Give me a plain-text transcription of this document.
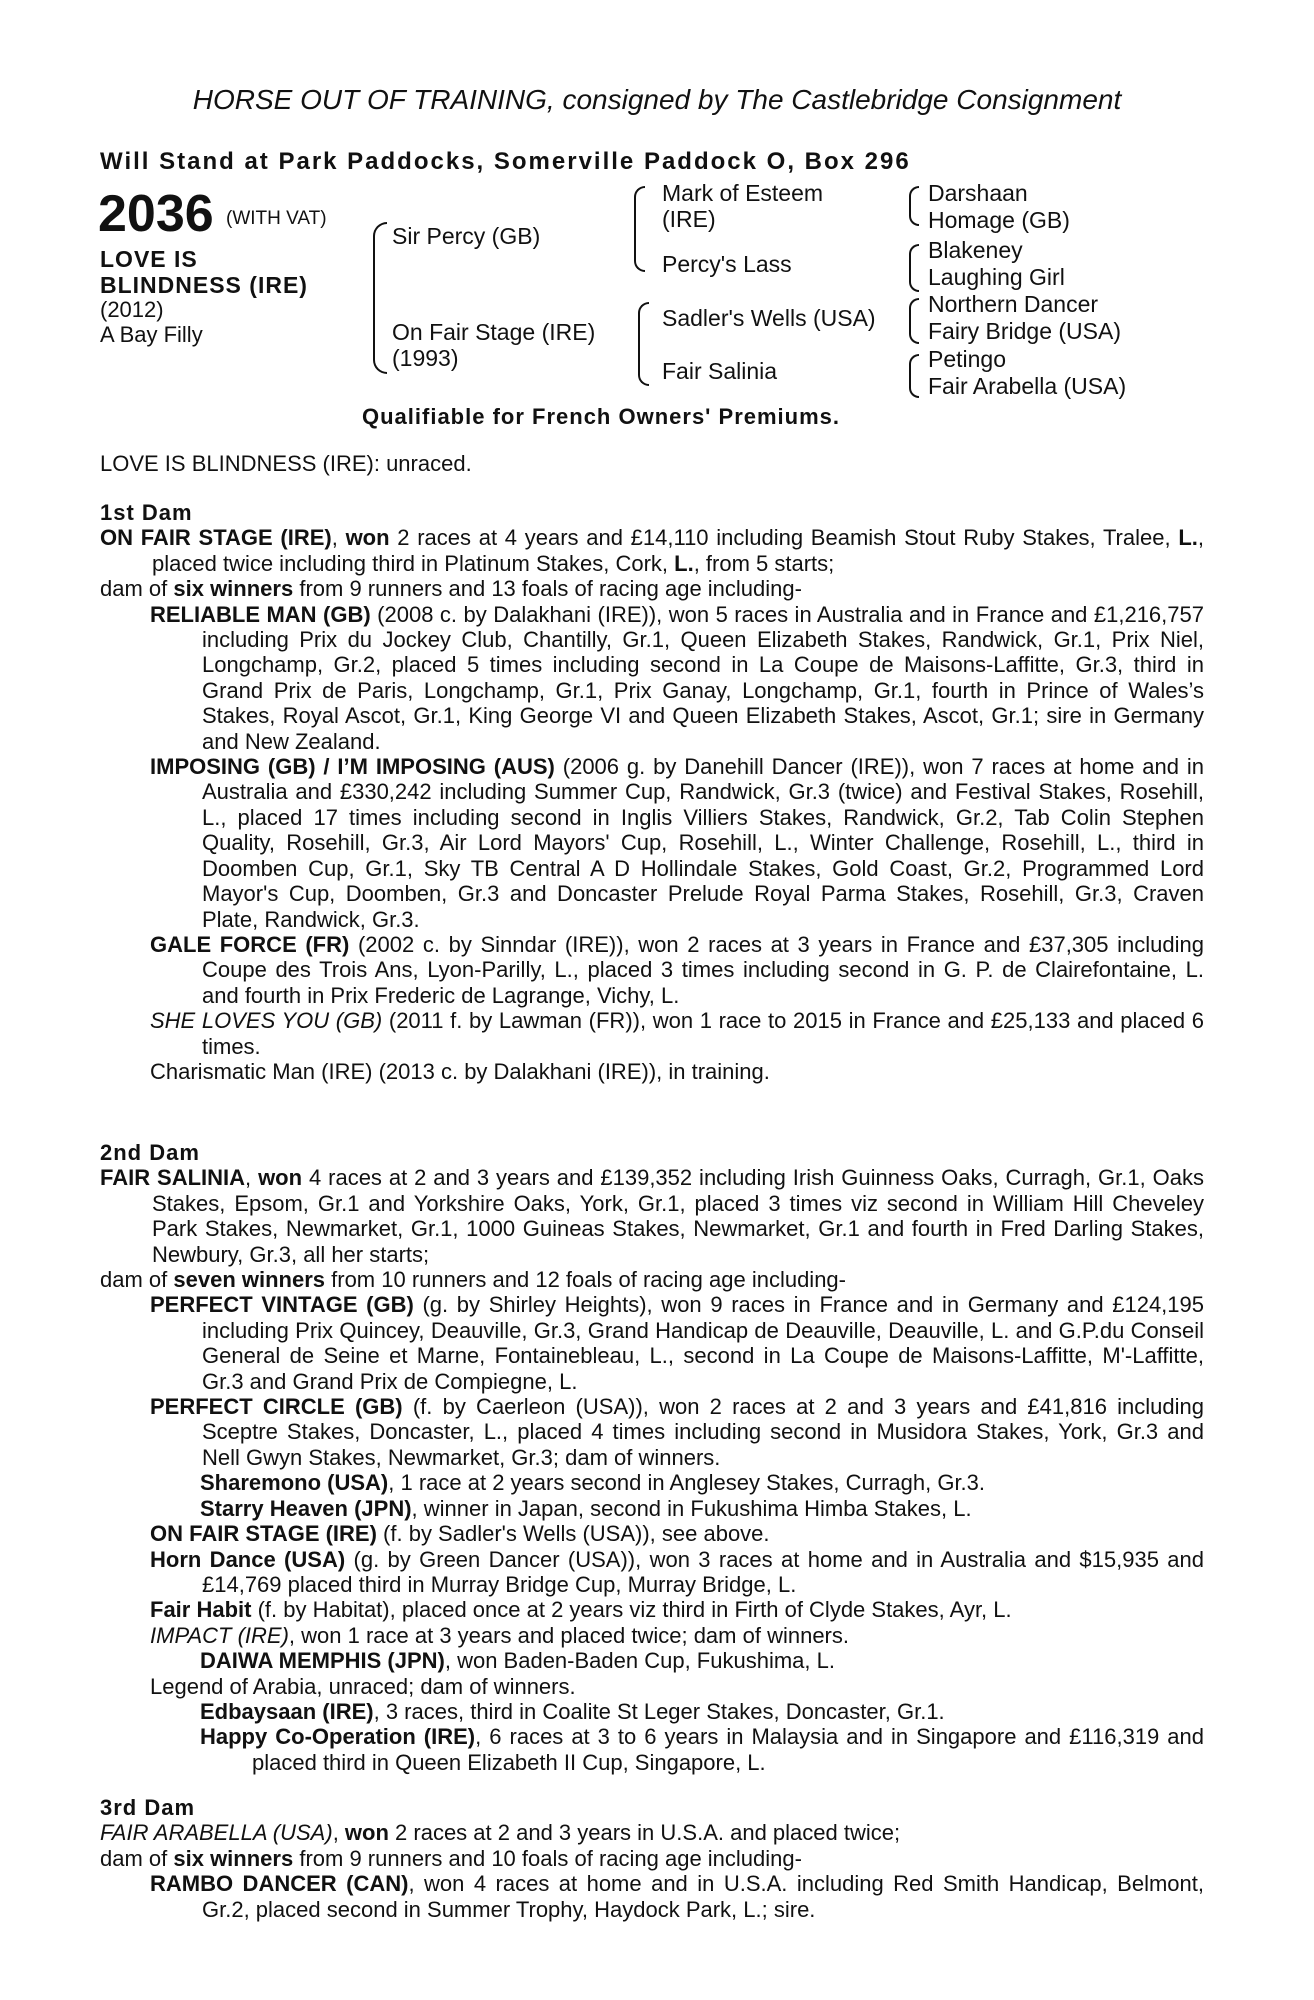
HORSE OUT OF TRAINING, consigned by The Castlebridge Consignment
Will Stand at Park Paddocks, Somerville Paddock O, Box 296
2036 (WITH VAT)
LOVE IS
BLINDNESS (IRE)
(2012)
A Bay Filly
Sir Percy (GB)
On Fair Stage (IRE)
(1993)
Mark of Esteem
(IRE)
Percy's Lass
Sadler's Wells (USA)
Fair Salinia
Darshaan
Homage (GB)
Blakeney
Laughing Girl
Northern Dancer
Fairy Bridge (USA)
Petingo
Fair Arabella (USA)
Qualifiable for French Owners' Premiums.
LOVE IS BLINDNESS (IRE): unraced.
1st Dam

ON FAIR STAGE (IRE), won 2 races at 4 years and £14,110 including Beamish Stout Ruby Stakes, Tralee, L., placed twice including third in Platinum Stakes, Cork, L., from 5 starts;

dam of six winners from 9 runners and 13 foals of racing age including-

RELIABLE MAN (GB) (2008 c. by Dalakhani (IRE)), won 5 races in Australia and in France and £1,216,757 including Prix du Jockey Club, Chantilly, Gr.1, Queen Elizabeth Stakes, Randwick, Gr.1, Prix Niel, Longchamp, Gr.2, placed 5 times including second in La Coupe de Maisons-Laffitte, Gr.3, third in Grand Prix de Paris, Longchamp, Gr.1, Prix Ganay, Longchamp, Gr.1, fourth in Prince of Wales’s Stakes, Royal Ascot, Gr.1, King George VI and Queen Elizabeth Stakes, Ascot, Gr.1; sire in Germany and New Zealand.

IMPOSING (GB) / I’M IMPOSING (AUS) (2006 g. by Danehill Dancer (IRE)), won 7 races at home and in Australia and £330,242 including Summer Cup, Randwick, Gr.3 (twice) and Festival Stakes, Rosehill, L., placed 17 times including second in Inglis Villiers Stakes, Randwick, Gr.2, Tab Colin Stephen Quality, Rosehill, Gr.3, Air Lord Mayors' Cup, Rosehill, L., Winter Challenge, Rosehill, L., third in Doomben Cup, Gr.1, Sky TB Central A D Hollindale Stakes, Gold Coast, Gr.2, Programmed Lord Mayor's Cup, Doomben, Gr.3 and Doncaster Prelude Royal Parma Stakes, Rosehill, Gr.3, Craven Plate, Randwick, Gr.3.

GALE FORCE (FR) (2002 c. by Sinndar (IRE)), won 2 races at 3 years in France and £37,305 including Coupe des Trois Ans, Lyon-Parilly, L., placed 3 times including second in G. P. de Clairefontaine, L. and fourth in Prix Frederic de Lagrange, Vichy, L.

SHE LOVES YOU (GB) (2011 f. by Lawman (FR)), won 1 race to 2015 in France and £25,133 and placed 6 times.

Charismatic Man (IRE) (2013 c. by Dalakhani (IRE)), in training.

2nd Dam

FAIR SALINIA, won 4 races at 2 and 3 years and £139,352 including Irish Guinness Oaks, Curragh, Gr.1, Oaks Stakes, Epsom, Gr.1 and Yorkshire Oaks, York, Gr.1, placed 3 times viz second in William Hill Cheveley Park Stakes, Newmarket, Gr.1, 1000 Guineas Stakes, Newmarket, Gr.1 and fourth in Fred Darling Stakes, Newbury, Gr.3, all her starts;

dam of seven winners from 10 runners and 12 foals of racing age including-

PERFECT VINTAGE (GB) (g. by Shirley Heights), won 9 races in France and in Germany and £124,195 including Prix Quincey, Deauville, Gr.3, Grand Handicap de Deauville, Deauville, L. and G.P.du Conseil General de Seine et Marne, Fontainebleau, L., second in La Coupe de Maisons-Laffitte, M'-Laffitte, Gr.3 and Grand Prix de Compiegne, L.

PERFECT CIRCLE (GB) (f. by Caerleon (USA)), won 2 races at 2 and 3 years and £41,816 including Sceptre Stakes, Doncaster, L., placed 4 times including second in Musidora Stakes, York, Gr.3 and Nell Gwyn Stakes, Newmarket, Gr.3; dam of winners.

Sharemono (USA), 1 race at 2 years second in Anglesey Stakes, Curragh, Gr.3.

Starry Heaven (JPN), winner in Japan, second in Fukushima Himba Stakes, L.

ON FAIR STAGE (IRE) (f. by Sadler's Wells (USA)), see above.

Horn Dance (USA) (g. by Green Dancer (USA)), won 3 races at home and in Australia and $15,935 and £14,769 placed third in Murray Bridge Cup, Murray Bridge, L.

Fair Habit (f. by Habitat), placed once at 2 years viz third in Firth of Clyde Stakes, Ayr, L.

IMPACT (IRE), won 1 race at 3 years and placed twice; dam of winners.

DAIWA MEMPHIS (JPN), won Baden-Baden Cup, Fukushima, L.

Legend of Arabia, unraced; dam of winners.

Edbaysaan (IRE), 3 races, third in Coalite St Leger Stakes, Doncaster, Gr.1.

Happy Co-Operation (IRE), 6 races at 3 to 6 years in Malaysia and in Singapore and £116,319 and placed third in Queen Elizabeth II Cup, Singapore, L.

3rd Dam

FAIR ARABELLA (USA), won 2 races at 2 and 3 years in U.S.A. and placed twice;

dam of six winners from 9 runners and 10 foals of racing age including-

RAMBO DANCER (CAN), won 4 races at home and in U.S.A. including Red Smith Handicap, Belmont, Gr.2, placed second in Summer Trophy, Haydock Park, L.; sire.
